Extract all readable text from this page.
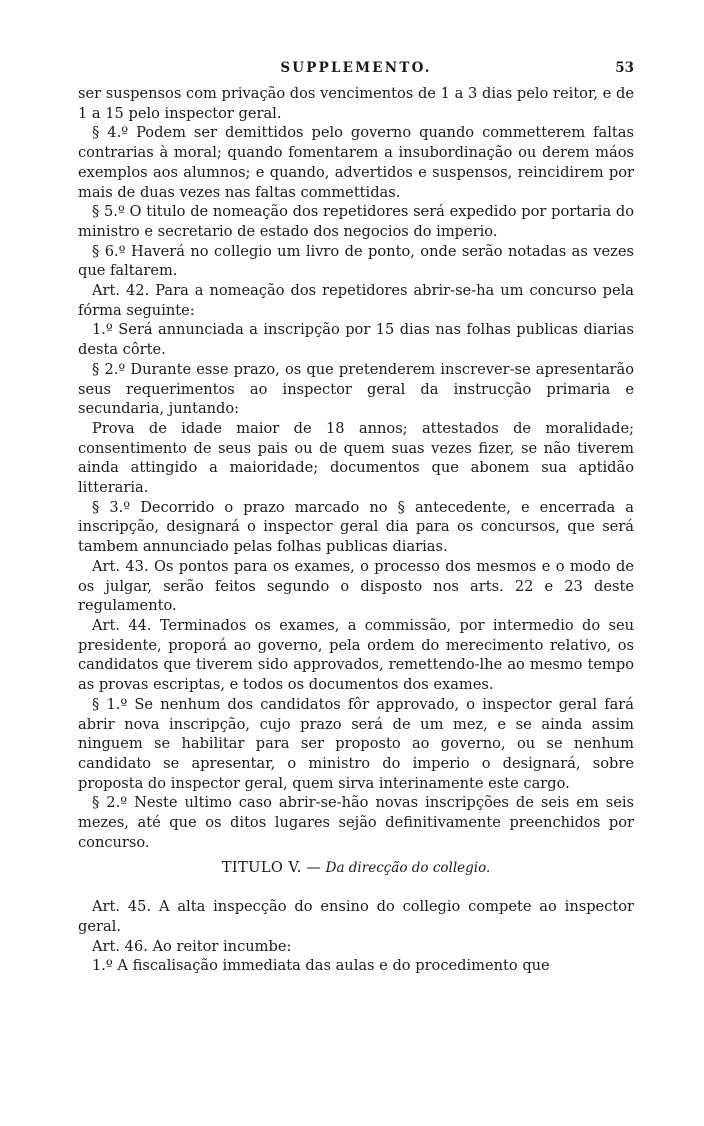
SUPPLEMENTO.	53

ser suspensos com privação dos vencimentos de 1 a 3 dias pelo reitor, e de 1 a 15 pelo inspector geral.

§ 4.º Podem ser demittidos pelo governo quando commetterem faltas contrarias à moral; quando fomentarem a insubordinação ou derem máos exemplos aos alumnos; e quando, advertidos e suspensos, reincidirem por mais de duas vezes nas faltas commettidas.

§ 5.º O titulo de nomeação dos repetidores será expedido por portaria do ministro e secretario de estado dos negocios do imperio.

§ 6.º Haverá no collegio um livro de ponto, onde serão notadas as vezes que faltarem.

Art. 42. Para a nomeação dos repetidores abrir-se-ha um concurso pela fórma seguinte:

1.º Será annunciada a inscripção por 15 dias nas folhas publicas diarias desta côrte.

§ 2.º Durante esse prazo, os que pretenderem inscrever-se apresentarão seus requerimentos ao inspector geral da instrucção primaria e secundaria, juntando:

Prova de idade maior de 18 annos; attestados de moralidade; consentimento de seus pais ou de quem suas vezes fizer, se não tiverem ainda attingido a maioridade; documentos que abonem sua aptidão litteraria.

§ 3.º Decorrido o prazo marcado no § antecedente, e encerrada a inscripção, designará o inspector geral dia para os concursos, que será tambem annunciado pelas folhas publicas diarias.

Art. 43. Os pontos para os exames, o processo dos mesmos e o modo de os julgar, serão feitos segundo o disposto nos arts. 22 e 23 deste regulamento.

Art. 44. Terminados os exames, a commissão, por intermedio do seu presidente, proporá ao governo, pela ordem do merecimento relativo, os candidatos que tiverem sido approvados, remettendo-lhe ao mesmo tempo as provas escriptas, e todos os documentos dos exames.

§ 1.º Se nenhum dos candidatos fôr approvado, o inspector geral fará abrir nova inscripção, cujo prazo será de um mez, e se ainda assim ninguem se habilitar para ser proposto ao governo, ou se nenhum candidato se apresentar, o ministro do imperio o designará, sobre proposta do inspector geral, quem sirva interinamente este cargo.

§ 2.º Neste ultimo caso abrir-se-hão novas inscripções de seis em seis mezes, até que os ditos lugares sejão definitivamente preenchidos por concurso.

TITULO V. — Da direcção do collegio.

Art. 45. A alta inspecção do ensino do collegio compete ao inspector geral.

Art. 46. Ao reitor incumbe:

1.º A fiscalisação immediata das aulas e do procedimento que
